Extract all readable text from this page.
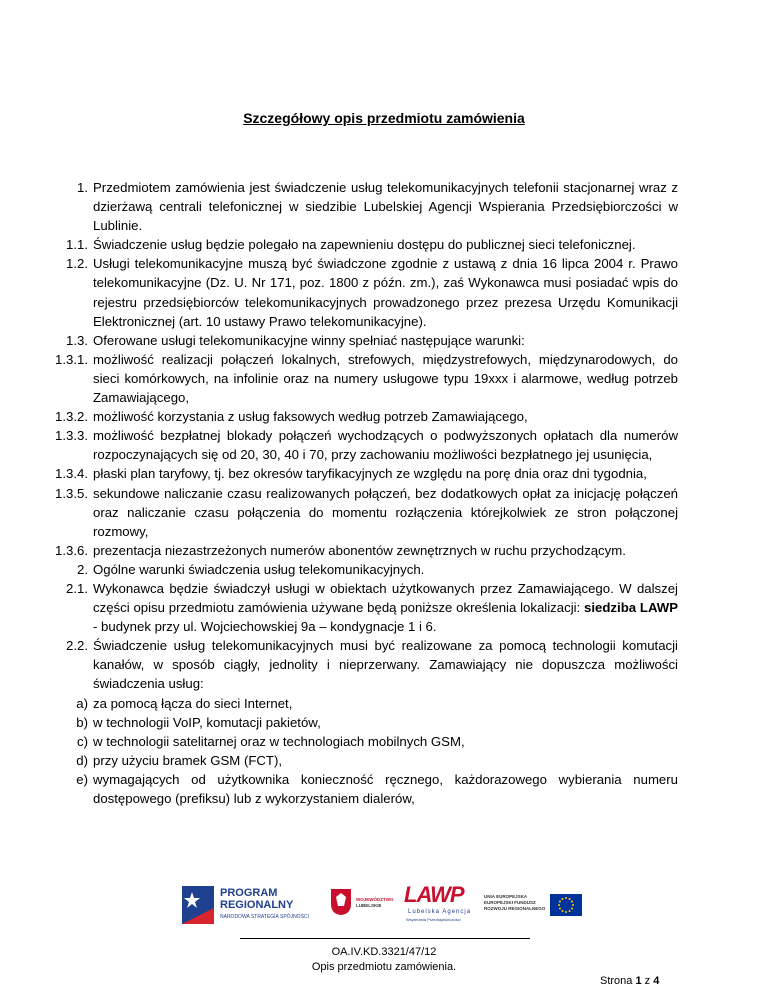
Szczegółowy opis przedmiotu zamówienia
1. Przedmiotem zamówienia jest świadczenie usług telekomunikacyjnych telefonii stacjonarnej wraz z dzierżawą centrali telefonicznej w siedzibie Lubelskiej Agencji Wspierania Przedsiębiorczości w Lublinie.
1.1. Świadczenie usług będzie polegało na zapewnieniu dostępu do publicznej sieci telefonicznej.
1.2. Usługi telekomunikacyjne muszą być świadczone zgodnie z ustawą z dnia 16 lipca 2004 r. Prawo telekomunikacyjne (Dz. U. Nr 171, poz. 1800 z późn. zm.), zaś Wykonawca musi posiadać wpis do rejestru przedsiębiorców telekomunikacyjnych prowadzonego przez prezesa Urzędu Komunikacji Elektronicznej (art. 10 ustawy Prawo telekomunikacyjne).
1.3. Oferowane usługi telekomunikacyjne winny spełniać następujące warunki:
1.3.1. możliwość realizacji połączeń lokalnych, strefowych, międzystrefowych, międzynarodowych, do sieci komórkowych, na infolinie oraz na numery usługowe typu 19xxx i alarmowe, według potrzeb Zamawiającego,
1.3.2. możliwość korzystania z usług faksowych według potrzeb Zamawiającego,
1.3.3. możliwość bezpłatnej blokady połączeń wychodzących o podwyższonych opłatach dla numerów rozpoczynających się od 20, 30, 40 i 70, przy zachowaniu możliwości bezpłatnego jej usunięcia,
1.3.4. płaski plan taryfowy, tj. bez okresów taryfikacyjnych ze względu na porę dnia oraz dni tygodnia,
1.3.5. sekundowe naliczanie czasu realizowanych połączeń, bez dodatkowych opłat za inicjację połączeń oraz naliczanie czasu połączenia do momentu rozłączenia którejkolwiek ze stron połączonej rozmowy,
1.3.6. prezentacja niezastrzeżonych numerów abonentów zewnętrznych w ruchu przychodzącym.
2. Ogólne warunki świadczenia usług telekomunikacyjnych.
2.1. Wykonawca będzie świadczył usługi w obiektach użytkowanych przez Zamawiającego. W dalszej części opisu przedmiotu zamówienia używane będą poniższe określenia lokalizacji: siedziba LAWP - budynek przy ul. Wojciechowskiej 9a – kondygnacje 1 i 6.
2.2. Świadczenie usług telekomunikacyjnych musi być realizowane za pomocą technologii komutacji kanałów, w sposób ciągły, jednolity i nieprzerwany. Zamawiający nie dopuszcza możliwości świadczenia usług:
a) za pomocą łącza do sieci Internet,
b) w technologii VoIP, komutacji pakietów,
c) w technologii satelitarnej oraz w technologiach mobilnych GSM,
d) przy użyciu bramek GSM (FCT),
e) wymagających od użytkownika konieczność ręcznego, każdorazowego wybierania numeru dostępowego (prefiksu) lub z wykorzystaniem dialerów,
PROGRAM
REGIONALNY
NARODOWA STRATEGIA SPÓJNOŚCI
WOJEWÓDZTWO
LUBELSKIE	LAWP
Lubelska Agencja
Wspierania Przedsiębiorczości
UNIA EUROPEJSKA
EUROPEJSKI FUNDUSZ
ROZWOJU REGIONALNEGO
OA.IV.KD.3321/47/12
Opis przedmiotu zamówienia.
Strona 1 z 4
